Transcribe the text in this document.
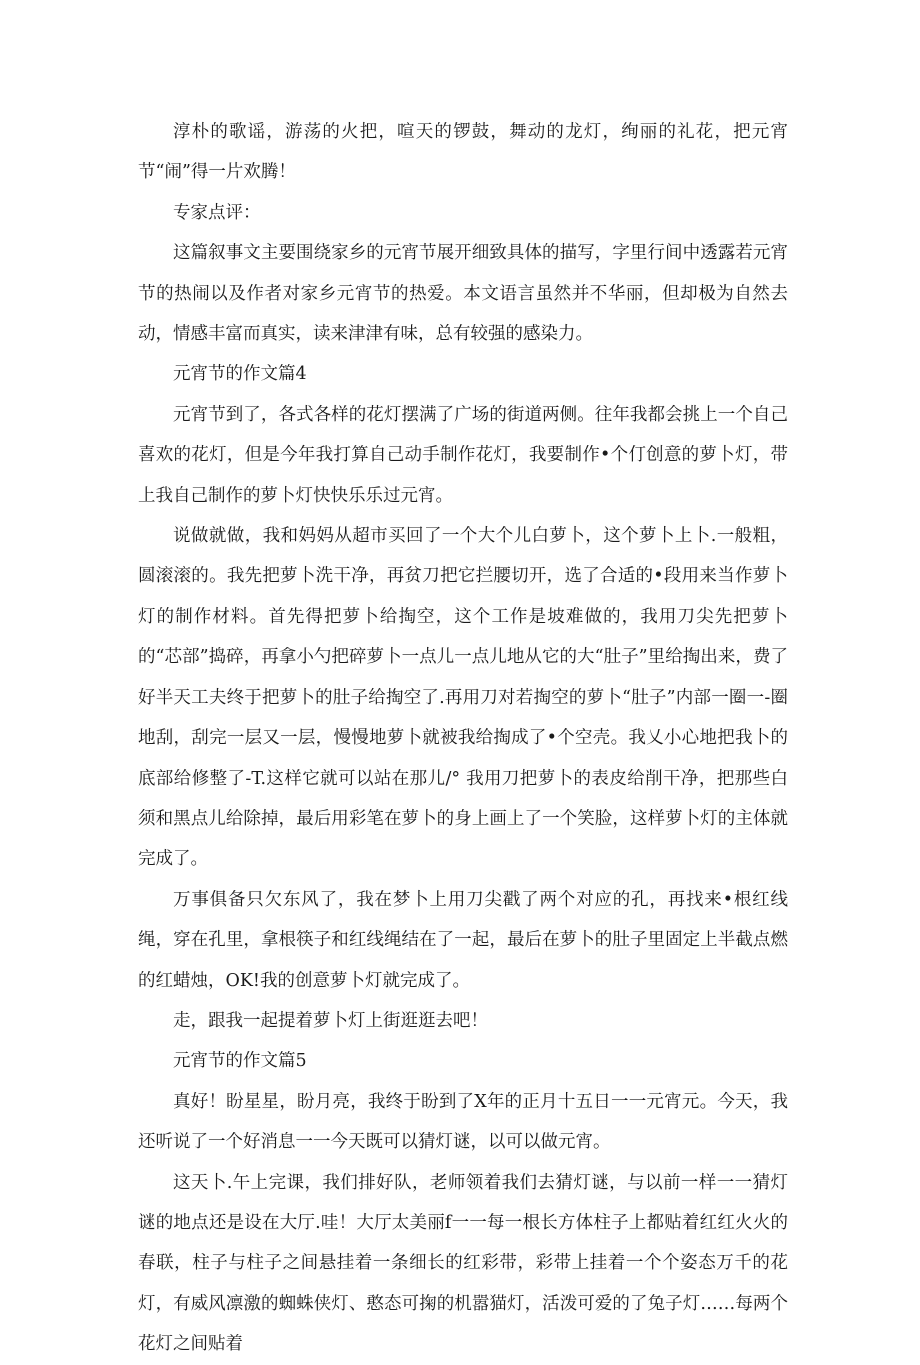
淳朴的歌谣，游荡的火把，喧天的锣鼓，舞动的龙灯，绚丽的礼花，把元宵节“闹”得一片欢腾！

专家点评：

这篇叙事文主要围绕家乡的元宵节展开细致具体的描写，字里行间中透露若元宵节的热闹以及作者对家乡元宵节的热爱。本文语言虽然并不华丽，但却极为自然去动，情感丰富而真实，读来津津有味，总有较强的感染力。

元宵节的作文篇4

元宵节到了，各式各样的花灯摆满了广场的街道两侧。往年我都会挑上一个自己喜欢的花灯，但是今年我打算自己动手制作花灯，我要制作•个仃创意的萝卜灯，带上我自己制作的萝卜灯快快乐乐过元宵。

说做就做，我和妈妈从超市买回了一个大个儿白萝卜，这个萝卜上卜.一般粗，圆滚滚的。我先把萝卜洗干净，再贫刀把它拦腰切开，选了合适的•段用来当作萝卜灯的制作材料。首先得把萝卜给掏空，这个工作是坡难做的，我用刀尖先把萝卜的“芯部”捣碎，再拿小勺把碎萝卜一点儿一点儿地从它的大“肚子”里给掏出来，费了好半天工夫终于把萝卜的肚子给掏空了.再用刀对若掏空的萝卜“肚子”内部一圈一-圈地刮，刮完一层又一层，慢慢地萝卜就被我给掏成了•个空壳。我乂小心地把我卜的底部给修整了-T.这样它就可以站在那儿/° 我用刀把萝卜的表皮给削干净，把那些白须和黑点儿给除掉，最后用彩笔在萝卜的身上画上了一个笑脸，这样萝卜灯的主体就完成了。

万事俱备只欠东风了，我在梦卜上用刀尖戳了两个对应的孔，再找来•根红线绳，穿在孔里，拿根筷子和红线绳结在了一起，最后在萝卜的肚子里固定上半截点燃的红蜡烛，OK!我的创意萝卜灯就完成了。

走，跟我一起提着萝卜灯上街逛逛去吧！

元宵节的作文篇5

真好！盼星星，盼月亮，我终于盼到了X年的正月十五日一一元宵元。今天，我还听说了一个好消息一一今天既可以猜灯谜，以可以做元宵。

这天卜.午上完课，我们排好队，老师领着我们去猜灯谜，与以前一样一一猜灯谜的地点还是设在大厅.哇！大厅太美丽f一一每一根长方体柱子上都贴着红红火火的春联，柱子与柱子之间悬挂着一条细长的红彩带，彩带上挂着一个个姿态万千的花灯，有威风凛激的蜘蛛侠灯、憨态可掬的机嚣猫灯，活泼可爱的了兔子灯……每两个花灯之间贴着
